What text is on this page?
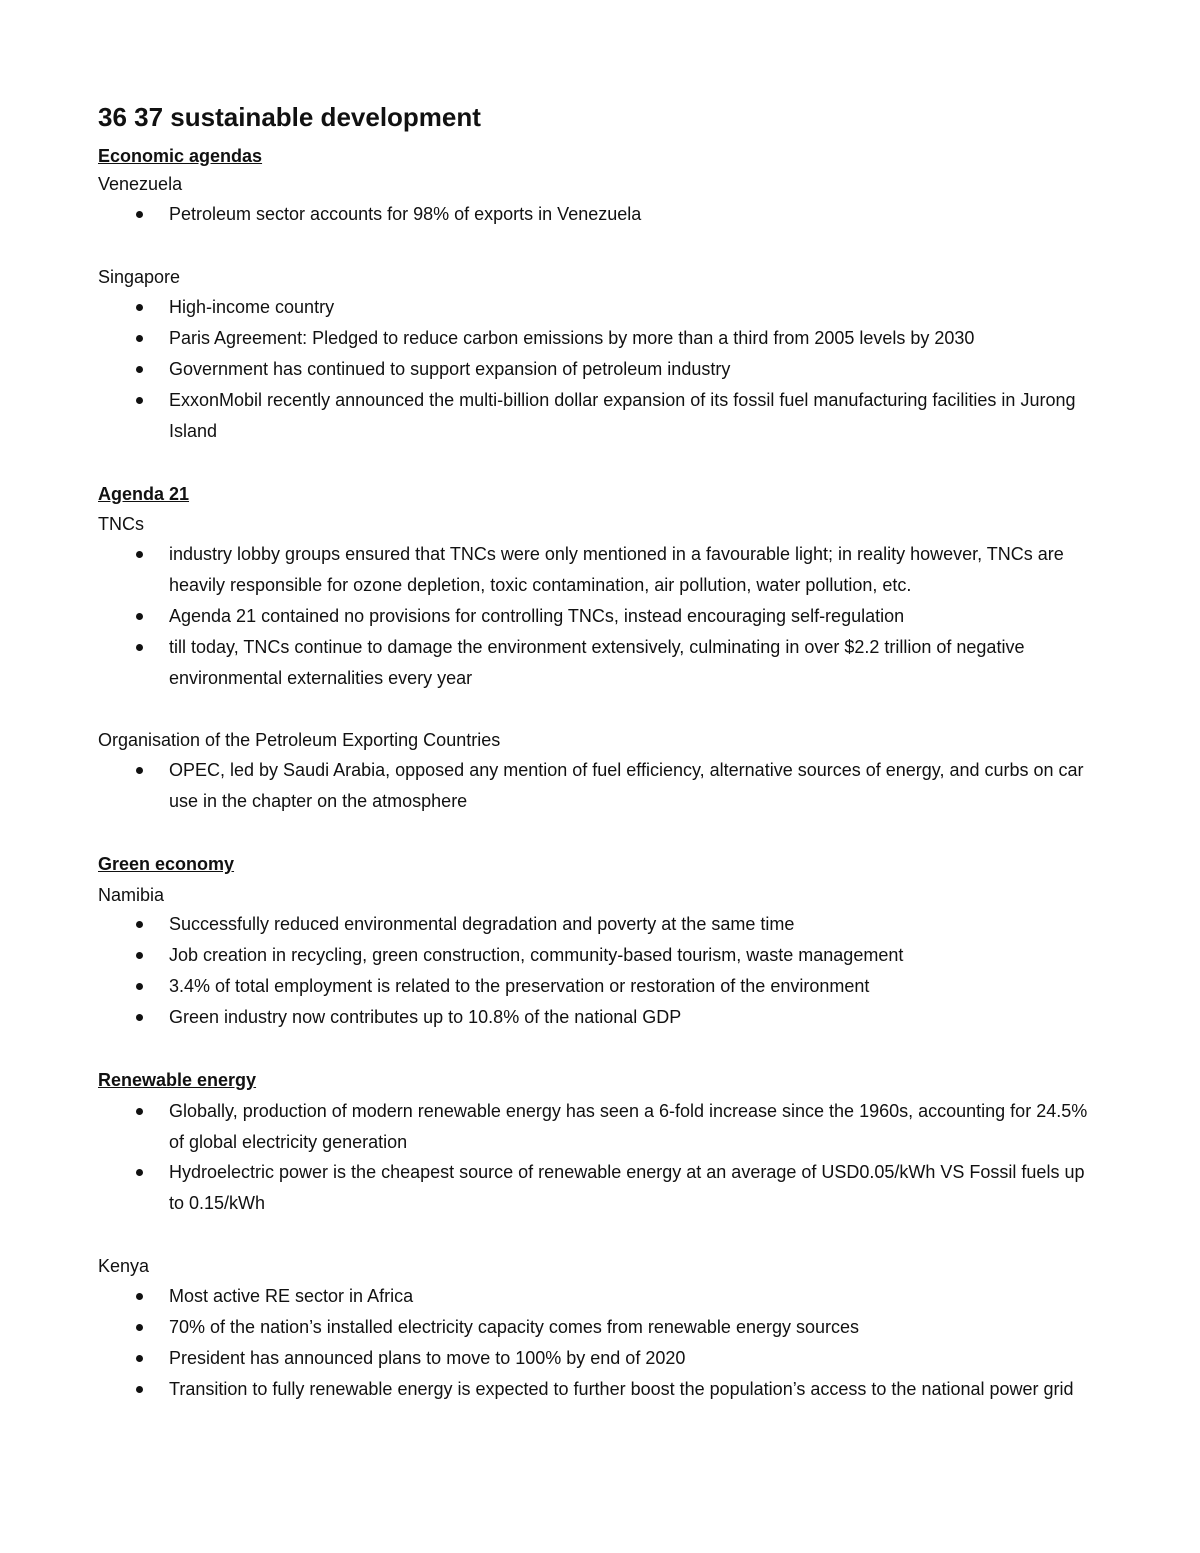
36 37 sustainable development

Economic agendas

Venezuela

Petroleum sector accounts for 98% of exports in Venezuela

Singapore

High-income country
Paris Agreement: Pledged to reduce carbon emissions by more than a third from 2005 levels by 2030
Government has continued to support expansion of petroleum industry
ExxonMobil recently announced the multi-billion dollar expansion of its fossil fuel manufacturing facilities in Jurong Island

Agenda 21

TNCs

industry lobby groups ensured that TNCs were only mentioned in a favourable light; in reality however, TNCs are heavily responsible for ozone depletion, toxic contamination, air pollution, water pollution, etc.
Agenda 21 contained no provisions for controlling TNCs, instead encouraging self-regulation
till today, TNCs continue to damage the environment extensively, culminating in over $2.2 trillion of negative environmental externalities every year

Organisation of the Petroleum Exporting Countries

OPEC, led by Saudi Arabia, opposed any mention of fuel efficiency, alternative sources of energy, and curbs on car use in the chapter on the atmosphere

Green economy

Namibia

Successfully reduced environmental degradation and poverty at the same time
Job creation in recycling, green construction, community-based tourism, waste management
3.4% of total employment is related to the preservation or restoration of the environment
Green industry now contributes up to 10.8% of the national GDP

Renewable energy

Globally, production of modern renewable energy has seen a 6-fold increase since the 1960s, accounting for 24.5% of global electricity generation
Hydroelectric power is the cheapest source of renewable energy at an average of USD0.05/kWh VS Fossil fuels up to 0.15/kWh

Kenya

Most active RE sector in Africa
70% of the nation’s installed electricity capacity comes from renewable energy sources
President has announced plans to move to 100% by end of 2020
Transition to fully renewable energy is expected to further boost the population’s access to the national power grid
